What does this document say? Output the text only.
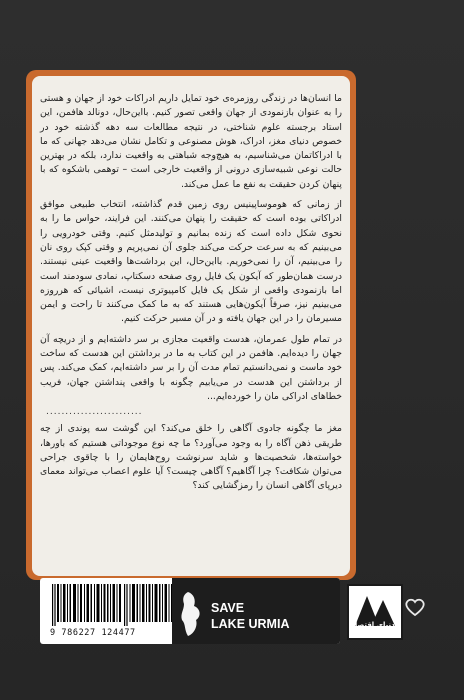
ما انسان‌ها در زندگی روزمره‌ی خود تمایل داریم ادراکات خود از جهان و هستی را به عنوان بازنمودی از جهان واقعی تصور کنیم. بااین‌حال، دونالد هافمن، این استاد برجسته علوم شناختی، در نتیجه مطالعات سه دهه گذشته خود در خصوص دنیای مغز، ادراک، هوش مصنوعی و تکامل نشان می‌دهد جهانی که ما با ادراکاتمان می‌شناسیم، به هیچ‌وجه شباهتی به واقعیت ندارد، بلکه در بهترین حالت نوعی شبیه‌سازی درونی از واقعیت خارجی است – توهمی باشکوه که با پنهان کردن حقیقت به نفع ما عمل می‌کند.

از زمانی که هوموساپینیس روی زمین قدم گذاشته، انتخاب طبیعی موافق ادراکاتی بوده است که حقیقت را پنهان می‌کنند. این فرایند، حواس ما را به نحوی شکل داده است که زنده بمانیم و تولیدمثل کنیم. وقتی خودرویی را می‌بینیم که به سرعت حرکت می‌کند جلوی آن نمی‌پریم و وقتی کپک روی نان را می‌بینیم، آن را نمی‌خوریم. بااین‌حال، این برداشت‌ها واقعیت عینی نیستند. درست همان‌طور که آیکون یک فایل روی صفحه دسکتاپ، نمادی سودمند است اما بازنمودی واقعی از شکل یک فایل کامپیوتری نیست، اشیائی که هرروزه می‌بینیم نیز، صرفاً آیکون‌هایی هستند که به ما کمک می‌کنند تا راحت و ایمن مسیرمان را در این جهان یافته و در آن مسیر حرکت کنیم.

در تمام طول عمرمان، هدست واقعیت مجازی بر سر داشته‌ایم و از دریچه آن جهان را دیده‌ایم. هافمن در این کتاب به ما در برداشتن این هدست که ساخت خود ماست و نمی‌دانستیم تمام مدت آن را بر سر داشته‌ایم، کمک می‌کند. پس از برداشتن این هدست در می‌یابیم چگونه با واقعی پنداشتن جهان، فریب خطاهای ادراکی مان را خورده‌ایم...

.........................

مغز ما چگونه جادوی آگاهی را خلق می‌کند؟ این گوشت سه پوندی از چه طریقی ذهن آگاه را به وجود می‌آورد؟ ما چه نوع موجوداتی هستیم که باورها، خواسته‌ها، شخصیت‌ها و شاید سرنوشت روح‌هایمان را با چاقوی جراحی می‌توان شکافت؟ چرا آگاهیم؟ آگاهی چیست؟ آیا علوم اعصاب می‌تواند معمای دیرپای آگاهی انسان را رمزگشایی کند؟

9 786227 124477
SAVE
LAKE URMIA	دنیای اقتصاد
